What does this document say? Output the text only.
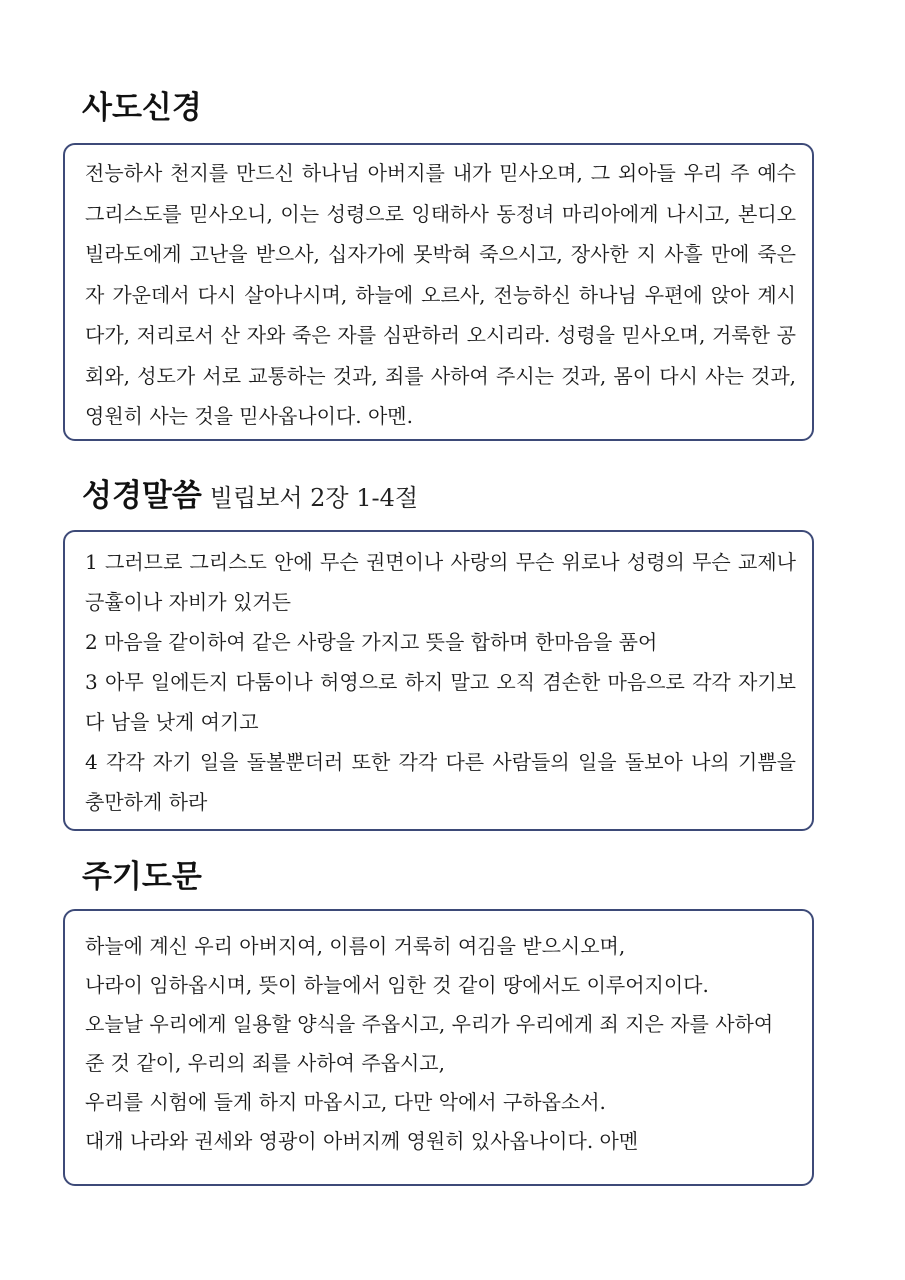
사도신경

전능하사 천지를 만드신 하나님 아버지를 내가 믿사오며, 그 외아들 우리 주 예수 그리스도를 믿사오니, 이는 성령으로 잉태하사 동정녀 마리아에게 나시고, 본디오 빌라도에게 고난을 받으사, 십자가에 못박혀 죽으시고, 장사한 지 사흘 만에 죽은 자 가운데서 다시 살아나시며, 하늘에 오르사, 전능하신 하나님 우편에 앉아 계시다가, 저리로서 산 자와 죽은 자를 심판하러 오시리라. 성령을 믿사오며, 거룩한 공회와, 성도가 서로 교통하는 것과, 죄를 사하여 주시는 것과, 몸이 다시 사는 것과, 영원히 사는 것을 믿사옵나이다. 아멘.

성경말씀 빌립보서 2장 1-4절

1 그러므로 그리스도 안에 무슨 권면이나 사랑의 무슨 위로나 성령의 무슨 교제나 긍휼이나 자비가 있거든

2 마음을 같이하여 같은 사랑을 가지고 뜻을 합하며 한마음을 품어

3 아무 일에든지 다툼이나 허영으로 하지 말고 오직 겸손한 마음으로 각각 자기보다 남을 낫게 여기고

4 각각 자기 일을 돌볼뿐더러 또한 각각 다른 사람들의 일을 돌보아 나의 기쁨을 충만하게 하라

주기도문

하늘에 계신 우리 아버지여, 이름이 거룩히 여김을 받으시오며,

나라이 임하옵시며, 뜻이 하늘에서 임한 것 같이 땅에서도 이루어지이다.

오늘날 우리에게 일용할 양식을 주옵시고, 우리가 우리에게 죄 지은 자를 사하여

준 것 같이, 우리의 죄를 사하여 주옵시고,

우리를 시험에 들게 하지 마옵시고, 다만 악에서 구하옵소서.

대개 나라와 권세와 영광이 아버지께 영원히 있사옵나이다. 아멘
